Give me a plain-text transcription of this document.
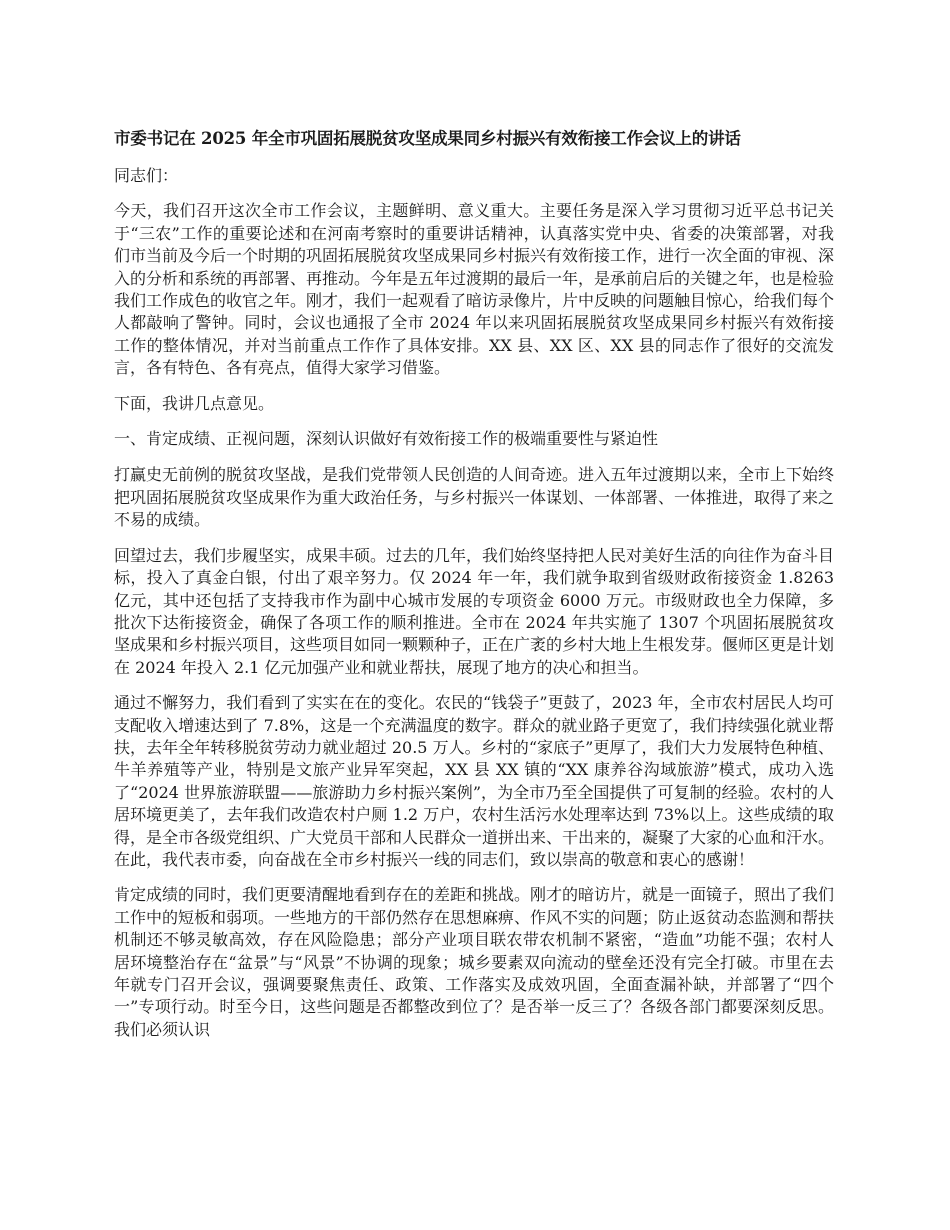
市委书记在 2025 年全市巩固拓展脱贫攻坚成果同乡村振兴有效衔接工作会议上的讲话

同志们：

今天，我们召开这次全市工作会议，主题鲜明、意义重大。主要任务是深入学习贯彻习近平总书记关于“三农”工作的重要论述和在河南考察时的重要讲话精神，认真落实党中央、省委的决策部署，对我们市当前及今后一个时期的巩固拓展脱贫攻坚成果同乡村振兴有效衔接工作，进行一次全面的审视、深入的分析和系统的再部署、再推动。今年是五年过渡期的最后一年，是承前启后的关键之年，也是检验我们工作成色的收官之年。刚才，我们一起观看了暗访录像片，片中反映的问题触目惊心，给我们每个人都敲响了警钟。同时，会议也通报了全市 2024 年以来巩固拓展脱贫攻坚成果同乡村振兴有效衔接工作的整体情况，并对当前重点工作作了具体安排。XX 县、XX 区、XX 县的同志作了很好的交流发言，各有特色、各有亮点，值得大家学习借鉴。

下面，我讲几点意见。

一、肯定成绩、正视问题，深刻认识做好有效衔接工作的极端重要性与紧迫性

打赢史无前例的脱贫攻坚战，是我们党带领人民创造的人间奇迹。进入五年过渡期以来，全市上下始终把巩固拓展脱贫攻坚成果作为重大政治任务，与乡村振兴一体谋划、一体部署、一体推进，取得了来之不易的成绩。

回望过去，我们步履坚实，成果丰硕。过去的几年，我们始终坚持把人民对美好生活的向往作为奋斗目标，投入了真金白银，付出了艰辛努力。仅 2024 年一年，我们就争取到省级财政衔接资金 1.8263 亿元，其中还包括了支持我市作为副中心城市发展的专项资金 6000 万元。市级财政也全力保障，多批次下达衔接资金，确保了各项工作的顺利推进。全市在 2024 年共实施了 1307 个巩固拓展脱贫攻坚成果和乡村振兴项目，这些项目如同一颗颗种子，正在广袤的乡村大地上生根发芽。偃师区更是计划在 2024 年投入 2.1 亿元加强产业和就业帮扶，展现了地方的决心和担当。

通过不懈努力，我们看到了实实在在的变化。农民的“钱袋子”更鼓了，2023 年，全市农村居民人均可支配收入增速达到了 7.8%，这是一个充满温度的数字。群众的就业路子更宽了，我们持续强化就业帮扶，去年全年转移脱贫劳动力就业超过 20.5 万人。乡村的“家底子”更厚了，我们大力发展特色种植、牛羊养殖等产业，特别是文旅产业异军突起，XX 县 XX 镇的“XX 康养谷沟域旅游”模式，成功入选了“2024 世界旅游联盟——旅游助力乡村振兴案例”，为全市乃至全国提供了可复制的经验。农村的人居环境更美了，去年我们改造农村户厕 1.2 万户，农村生活污水处理率达到 73%以上。这些成绩的取得，是全市各级党组织、广大党员干部和人民群众一道拼出来、干出来的，凝聚了大家的心血和汗水。在此，我代表市委，向奋战在全市乡村振兴一线的同志们，致以崇高的敬意和衷心的感谢！

肯定成绩的同时，我们更要清醒地看到存在的差距和挑战。刚才的暗访片，就是一面镜子，照出了我们工作中的短板和弱项。一些地方的干部仍然存在思想麻痹、作风不实的问题；防止返贫动态监测和帮扶机制还不够灵敏高效，存在风险隐患；部分产业项目联农带农机制不紧密，“造血”功能不强；农村人居环境整治存在“盆景”与“风景”不协调的现象；城乡要素双向流动的壁垒还没有完全打破。市里在去年就专门召开会议，强调要聚焦责任、政策、工作落实及成效巩固，全面查漏补缺，并部署了“四个一”专项行动。时至今日，这些问题是否都整改到位了？是否举一反三了？各级各部门都要深刻反思。我们必须认识
